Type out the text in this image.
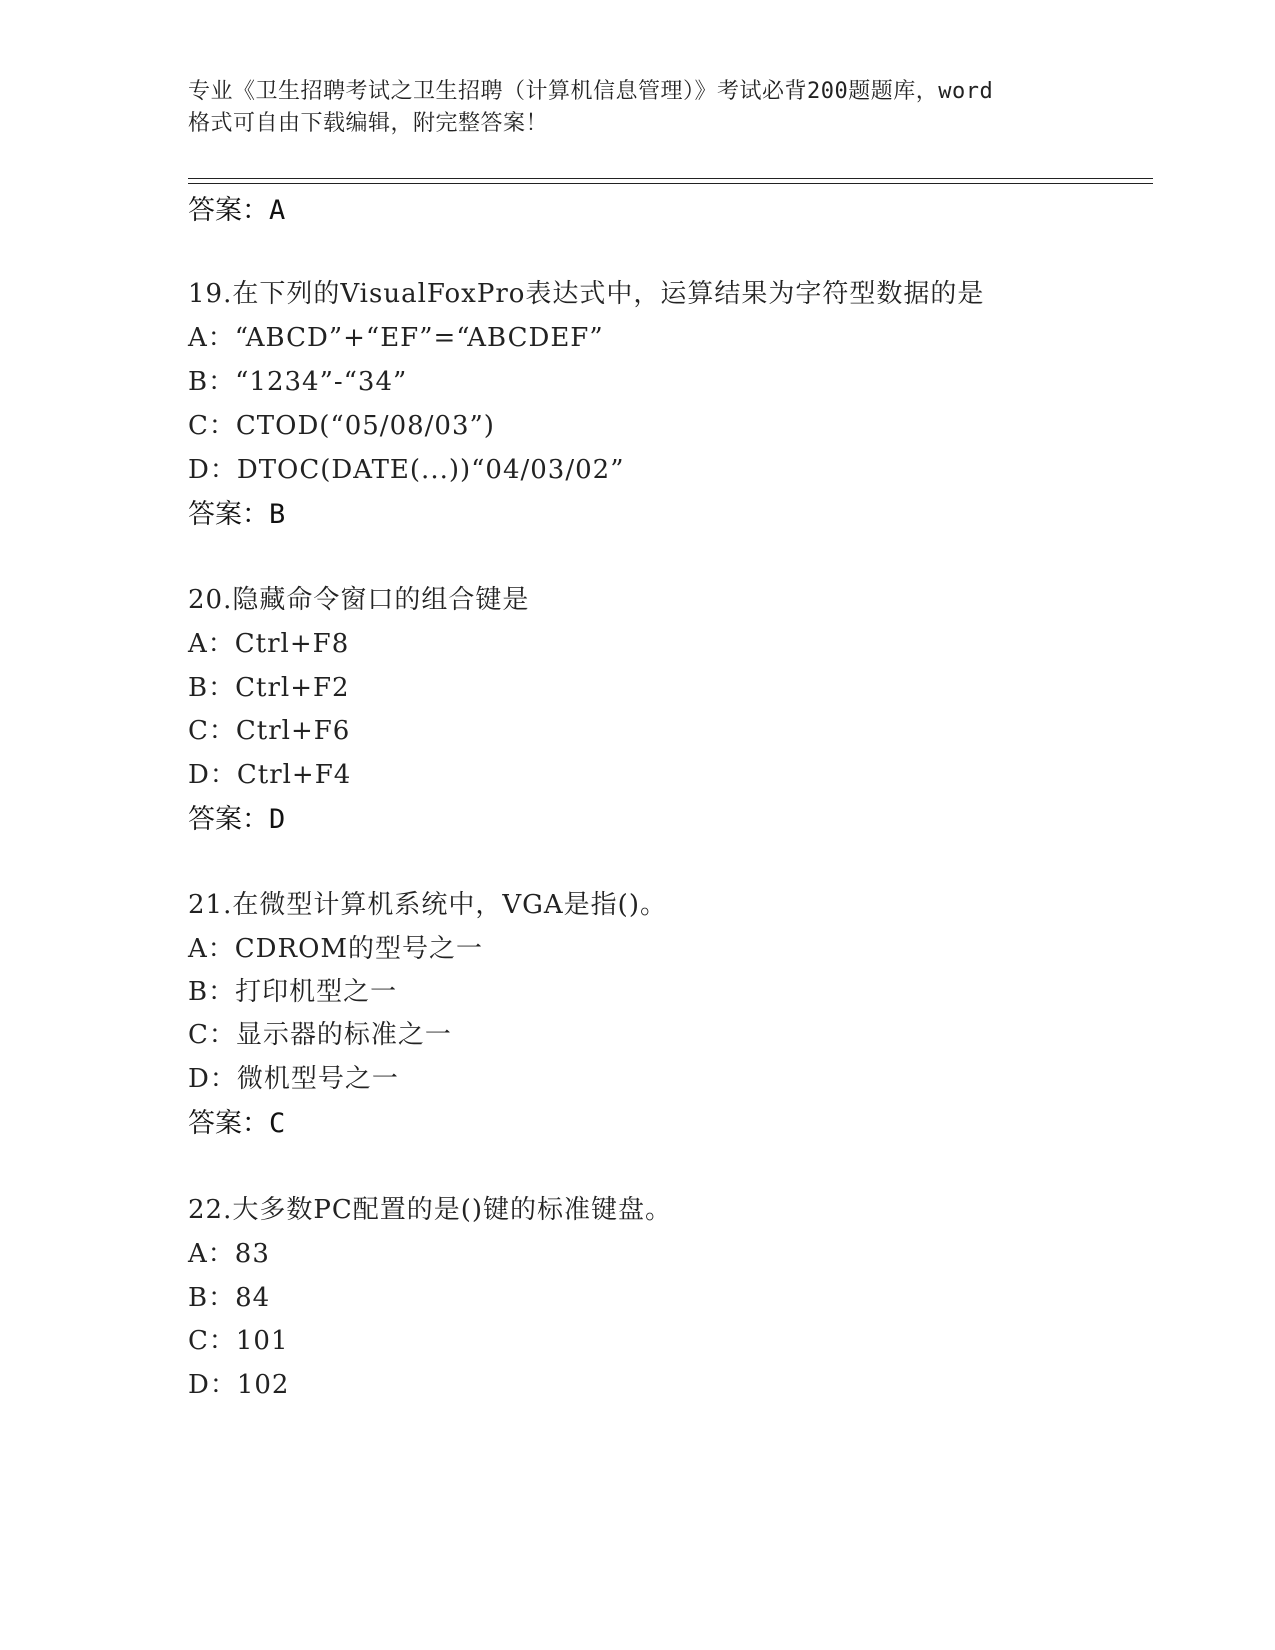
专业《卫生招聘考试之卫生招聘（计算机信息管理）》考试必背200题题库，word
格式可自由下载编辑，附完整答案！
答案：A
19.在下列的VisualFoxPro表达式中，运算结果为字符型数据的是
A：“ABCD”+“EF”=“ABCDEF”
B：“1234”-“34”
C：CTOD(“05/08/03”)
D：DTOC(DATE(...))“04/03/02”
答案：B
20.隐藏命令窗口的组合键是
A：Ctrl+F8
B：Ctrl+F2
C：Ctrl+F6
D：Ctrl+F4
答案：D
21.在微型计算机系统中，VGA是指()。
A：CDROM的型号之一
B：打印机型之一
C：显示器的标准之一
D：微机型号之一
答案：C
22.大多数PC配置的是()键的标准键盘。
A：83
B：84
C：101
D：102
